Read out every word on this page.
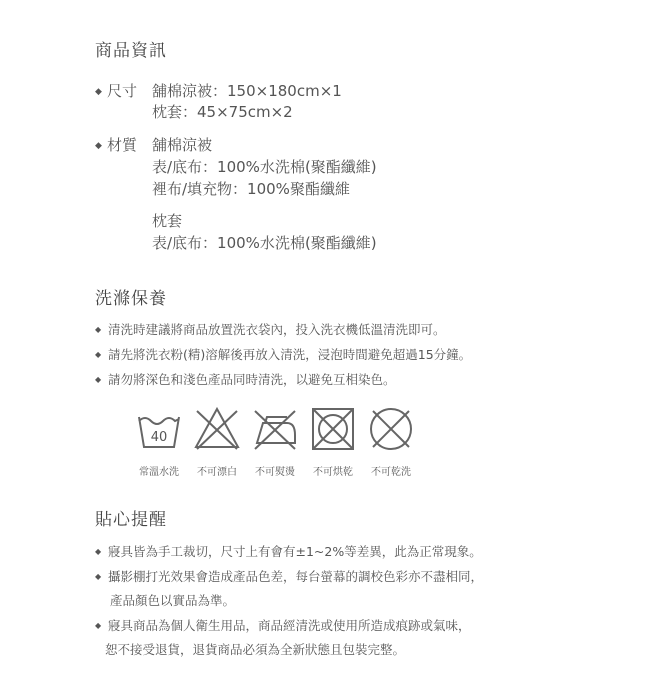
商品資訊
◆ 尺寸 舖棉涼被：150×180cm×1
枕套：45×75cm×2
◆ 材質 舖棉涼被
表/底布：100%水洗棉(聚酯纖維)
裡布/填充物：100%聚酯纖維
枕套
表/底布：100%水洗棉(聚酯纖維)
洗滌保養
◆ 清洗時建議將商品放置洗衣袋內，投入洗衣機低溫清洗即可。
◆ 請先將洗衣粉(精)溶解後再放入清洗，浸泡時間避免超過15分鐘。
◆ 請勿將深色和淺色產品同時清洗，以避免互相染色。
40
常溫水洗	不可漂白	不可熨燙	不可烘乾	不可乾洗
貼心提醒
◆ 寢具皆為手工裁切，尺寸上有會有±1~2%等差異，此為正常現象。
◆ 攝影棚打光效果會造成產品色差，每台螢幕的調校色彩亦不盡相同，
產品顏色以實品為準。
◆ 寢具商品為個人衛生用品，商品經清洗或使用所造成痕跡或氣味，
恕不接受退貨，退貨商品必須為全新狀態且包裝完整。
